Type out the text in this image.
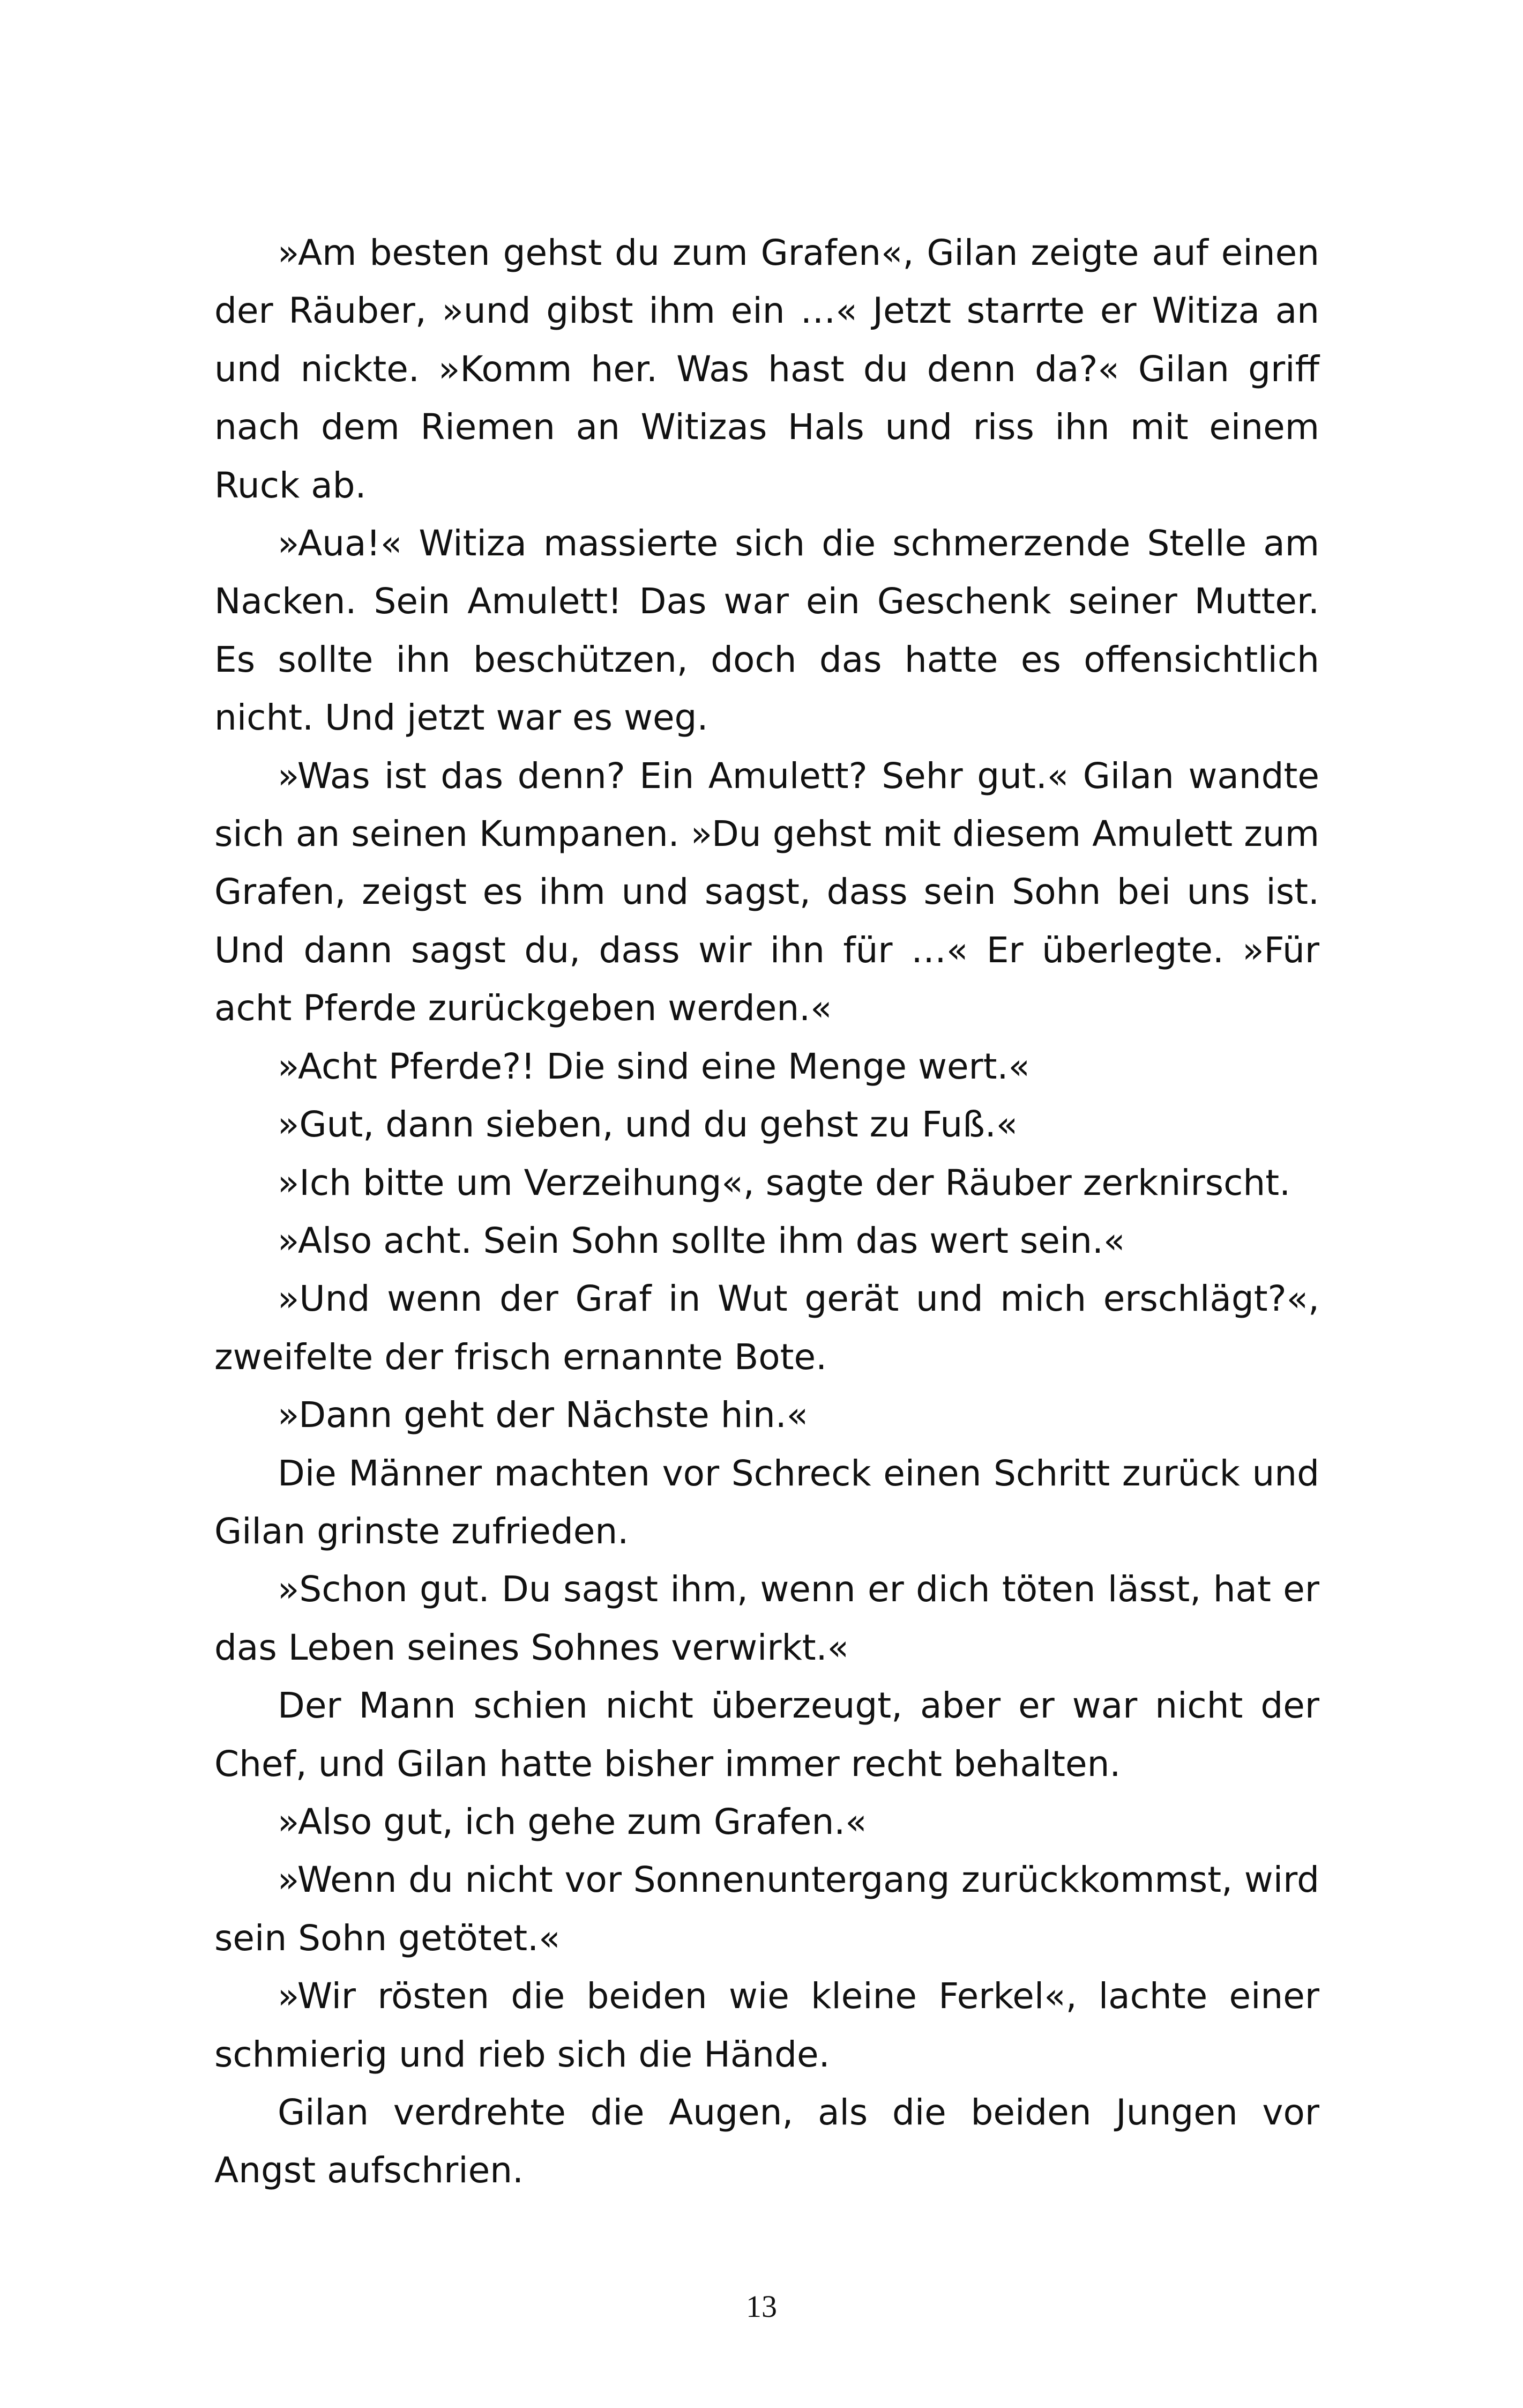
»Am besten gehst du zum Grafen«, Gilan zeigte auf einen der Räuber, »und gibst ihm ein …« Jetzt starrte er Witiza an und nickte. »Komm her. Was hast du denn da?« Gilan griff nach dem Riemen an Witizas Hals und riss ihn mit einem Ruck ab.

»Aua!« Witiza massierte sich die schmerzende Stelle am Nacken. Sein Amulett! Das war ein Geschenk seiner Mutter. Es sollte ihn beschützen, doch das hatte es offensichtlich nicht. Und jetzt war es weg.

»Was ist das denn? Ein Amulett? Sehr gut.« Gilan wandte sich an seinen Kumpanen. »Du gehst mit diesem Amulett zum Grafen, zeigst es ihm und sagst, dass sein Sohn bei uns ist. Und dann sagst du, dass wir ihn für …« Er überlegte. »Für acht Pferde zurückgeben werden.«

»Acht Pferde?! Die sind eine Menge wert.«

»Gut, dann sieben, und du gehst zu Fuß.«

»Ich bitte um Verzeihung«, sagte der Räuber zerknirscht.

»Also acht. Sein Sohn sollte ihm das wert sein.«

»Und wenn der Graf in Wut gerät und mich erschlägt?«, zweifelte der frisch ernannte Bote.

»Dann geht der Nächste hin.«

Die Männer machten vor Schreck einen Schritt zurück und Gilan grinste zufrieden.

»Schon gut. Du sagst ihm, wenn er dich töten lässt, hat er das Leben seines Sohnes verwirkt.«

Der Mann schien nicht überzeugt, aber er war nicht der Chef, und Gilan hatte bisher immer recht behalten.

»Also gut, ich gehe zum Grafen.«

»Wenn du nicht vor Sonnenuntergang zurückkommst, wird sein Sohn getötet.«

»Wir rösten die beiden wie kleine Ferkel«, lachte einer schmierig und rieb sich die Hände.

Gilan verdrehte die Augen, als die beiden Jungen vor Angst aufschrien.

13
